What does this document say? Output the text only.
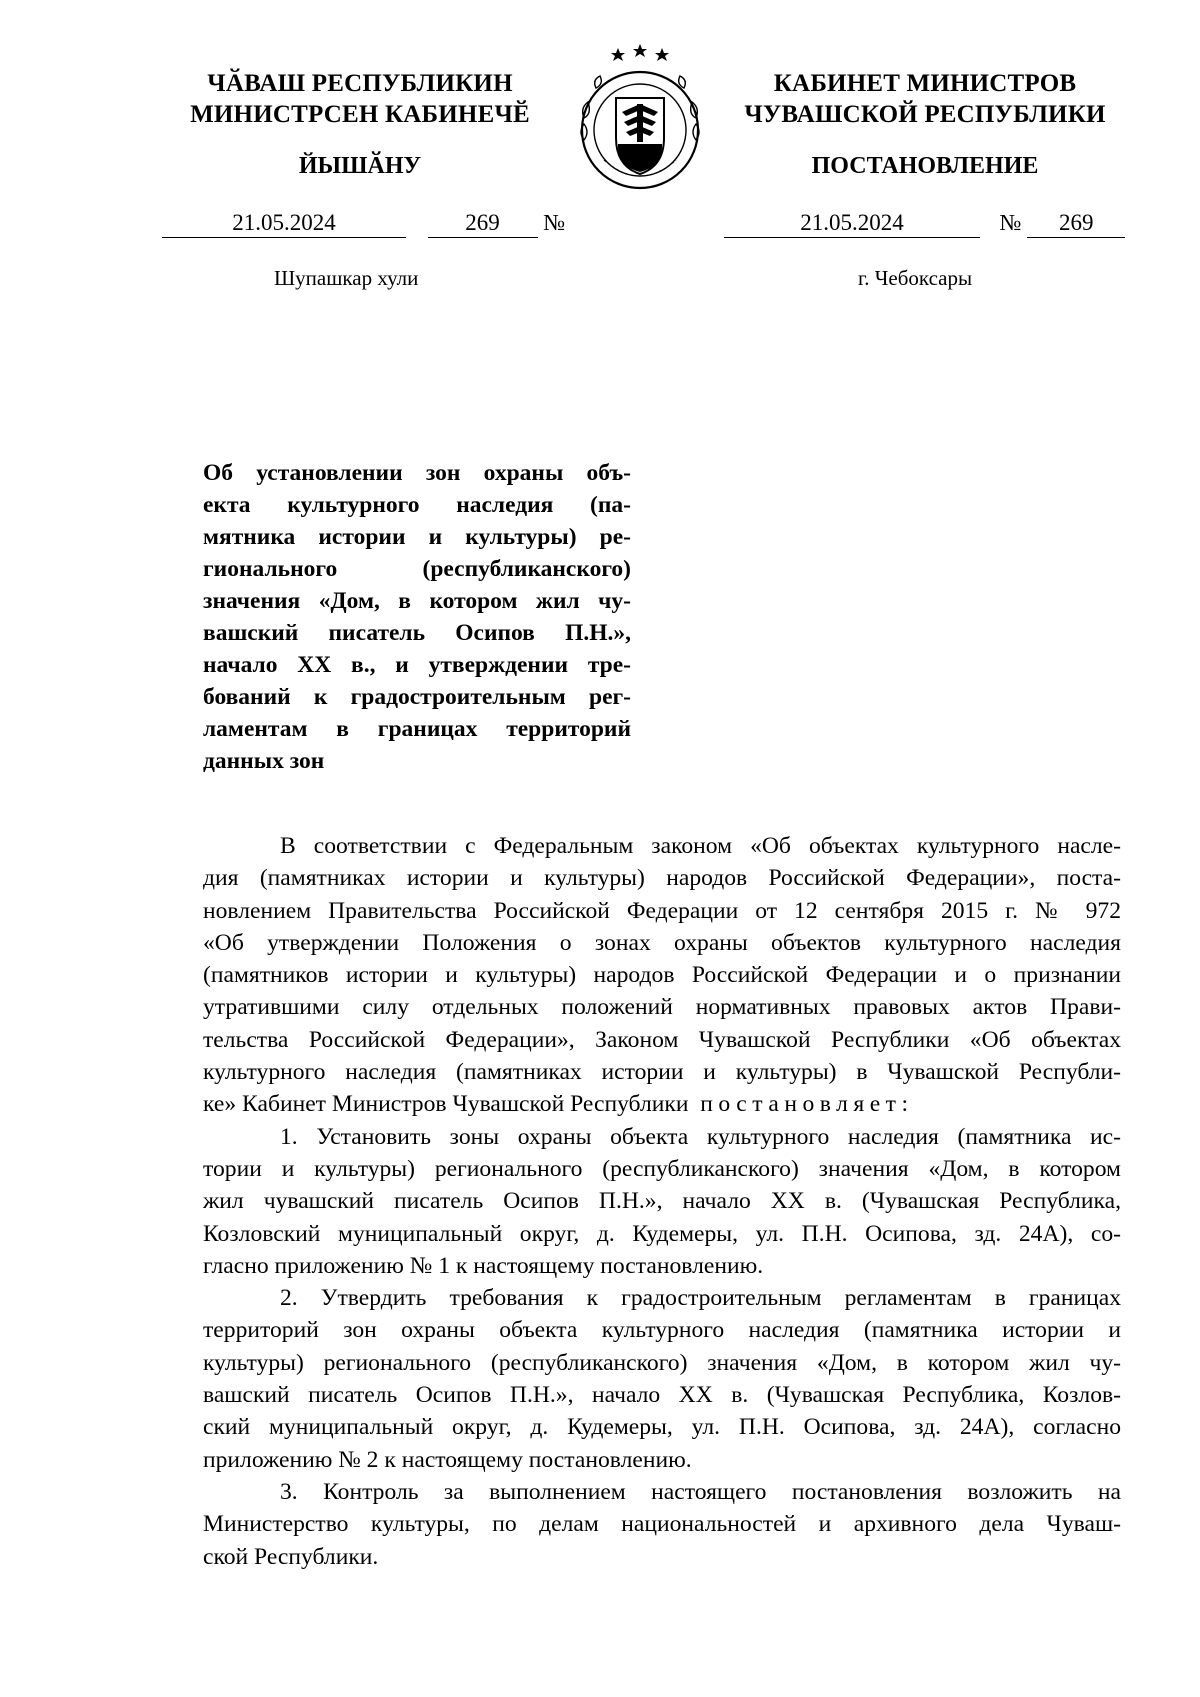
ЧӐВАШ РЕСПУБЛИКИН
МИНИСТРСЕН КАБИНЕЧӖ
ЙЫШӐНУ
КАБИНЕТ МИНИСТРОВ
ЧУВАШСКОЙ РЕСПУБЛИКИ
ПОСТАНОВЛЕНИЕ
21.05.2024	269 №	21.05.2024	№ 269
Шупашкар хули	г. Чебоксары
Об установлении зон охраны объ-
екта культурного наследия (па-
мятника истории и культуры) ре-
гионального (республиканского)
значения «Дом, в котором жил чу-
вашский писатель Осипов П.Н.»,
начало XX в., и утверждении тре-
бований к градостроительным рег-
ламентам в границах территорий
данных зон
В соответствии с Федеральным законом «Об объектах культурного насле-
дия (памятниках истории и культуры) народов Российской Федерации», поста-
новлением Правительства Российской Федерации от 12 сентября 2015 г. № 972
«Об утверждении Положения о зонах охраны объектов культурного наследия
(памятников истории и культуры) народов Российской Федерации и о признании
утратившими силу отдельных положений нормативных правовых актов Прави-
тельства Российской Федерации», Законом Чувашской Республики «Об объектах
культурного наследия (памятниках истории и культуры) в Чувашской Республи-
ке» Кабинет Министров Чувашской Республики постановляет:
1. Установить зоны охраны объекта культурного наследия (памятника ис-
тории и культуры) регионального (республиканского) значения «Дом, в котором
жил чувашский писатель Осипов П.Н.», начало XX в. (Чувашская Республика,
Козловский муниципальный округ, д. Кудемеры, ул. П.Н. Осипова, зд. 24А), со-
гласно приложению № 1 к настоящему постановлению.
2. Утвердить требования к градостроительным регламентам в границах
территорий зон охраны объекта культурного наследия (памятника истории и
культуры) регионального (республиканского) значения «Дом, в котором жил чу-
вашский писатель Осипов П.Н.», начало XX в. (Чувашская Республика, Козлов-
ский муниципальный округ, д. Кудемеры, ул. П.Н. Осипова, зд. 24А), согласно
приложению № 2 к настоящему постановлению.
3. Контроль за выполнением настоящего постановления возложить на
Министерство культуры, по делам национальностей и архивного дела Чуваш-
ской Республики.
